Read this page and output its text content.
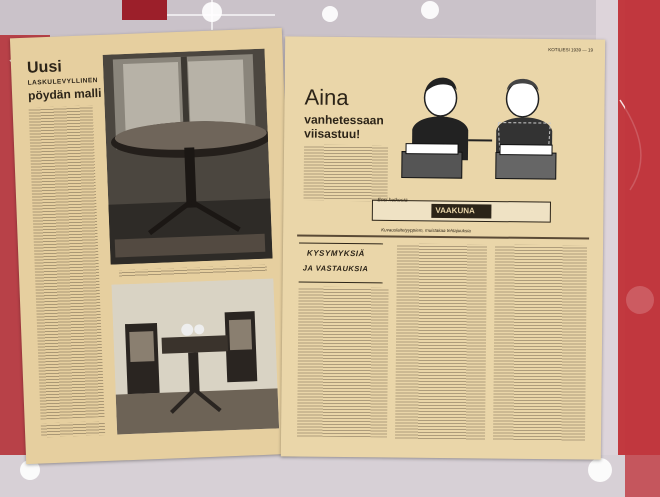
Uusi
LASKULEVYLLINEN
pöydän malli
KOTILIESI 1939 — 19
Aina
vanhetessaan
viisastuu!
Ensi hetkestä
VAAKUNA
Kuvauslaitetyyppiem, muistakaa tehtajuuksia
KYSYMYKSIÄ
JA VASTAUKSIA
